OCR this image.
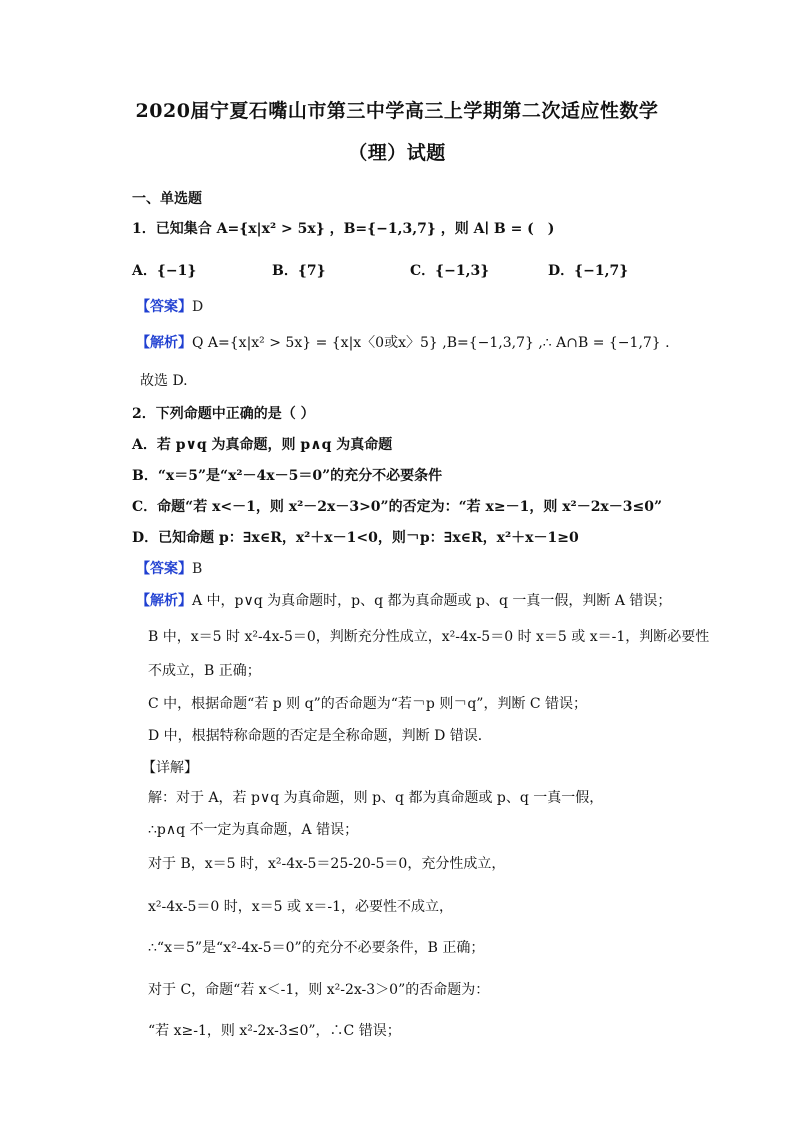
2020届宁夏石嘴山市第三中学高三上学期第二次适应性数学
（理）试题
一、单选题
1．已知集合 A={x|x² > 5x} ，B={−1,3,7} ，则 A∣ B = (　)
A．{−1}	B．{7}	C．{−1,3}	D．{−1,7}
【答案】D
【解析】Q A={x|x² > 5x} = {x|x〈0或x〉5} ,B={−1,3,7} ,∴ A∩B = {−1,7} .
故选 D.
2．下列命题中正确的是（ ）
A．若 p∨q 为真命题，则 p∧q 为真命题
B．“x＝5”是“x²－4x－5＝0”的充分不必要条件
C．命题“若 x<－1，则 x²－2x－3>0”的否定为：“若 x≥－1，则 x²－2x－3≤0”
D．已知命题 p：∃x∈R，x²＋x－1<0，则￢p：∃x∈R，x²＋x－1≥0
【答案】B
【解析】A 中，p∨q 为真命题时，p、q 都为真命题或 p、q 一真一假，判断 A 错误；
B 中，x＝5 时 x²-4x-5＝0，判断充分性成立，x²-4x-5＝0 时 x＝5 或 x＝-1，判断必要性
不成立，B 正确；
C 中，根据命题“若 p 则 q”的否命题为“若￢p 则￢q”，判断 C 错误；
D 中，根据特称命题的否定是全称命题，判断 D 错误．
【详解】
解：对于 A，若 p∨q 为真命题，则 p、q 都为真命题或 p、q 一真一假，
∴p∧q 不一定为真命题，A 错误；
对于 B，x＝5 时，x²-4x-5＝25-20-5＝0，充分性成立，
x²-4x-5＝0 时，x＝5 或 x＝-1，必要性不成立，
∴“x＝5”是“x²-4x-5＝0”的充分不必要条件，B 正确；
对于 C，命题“若 x＜-1，则 x²-2x-3＞0”的否命题为：
“若 x≥-1，则 x²-2x-3≤0”，∴C 错误；
